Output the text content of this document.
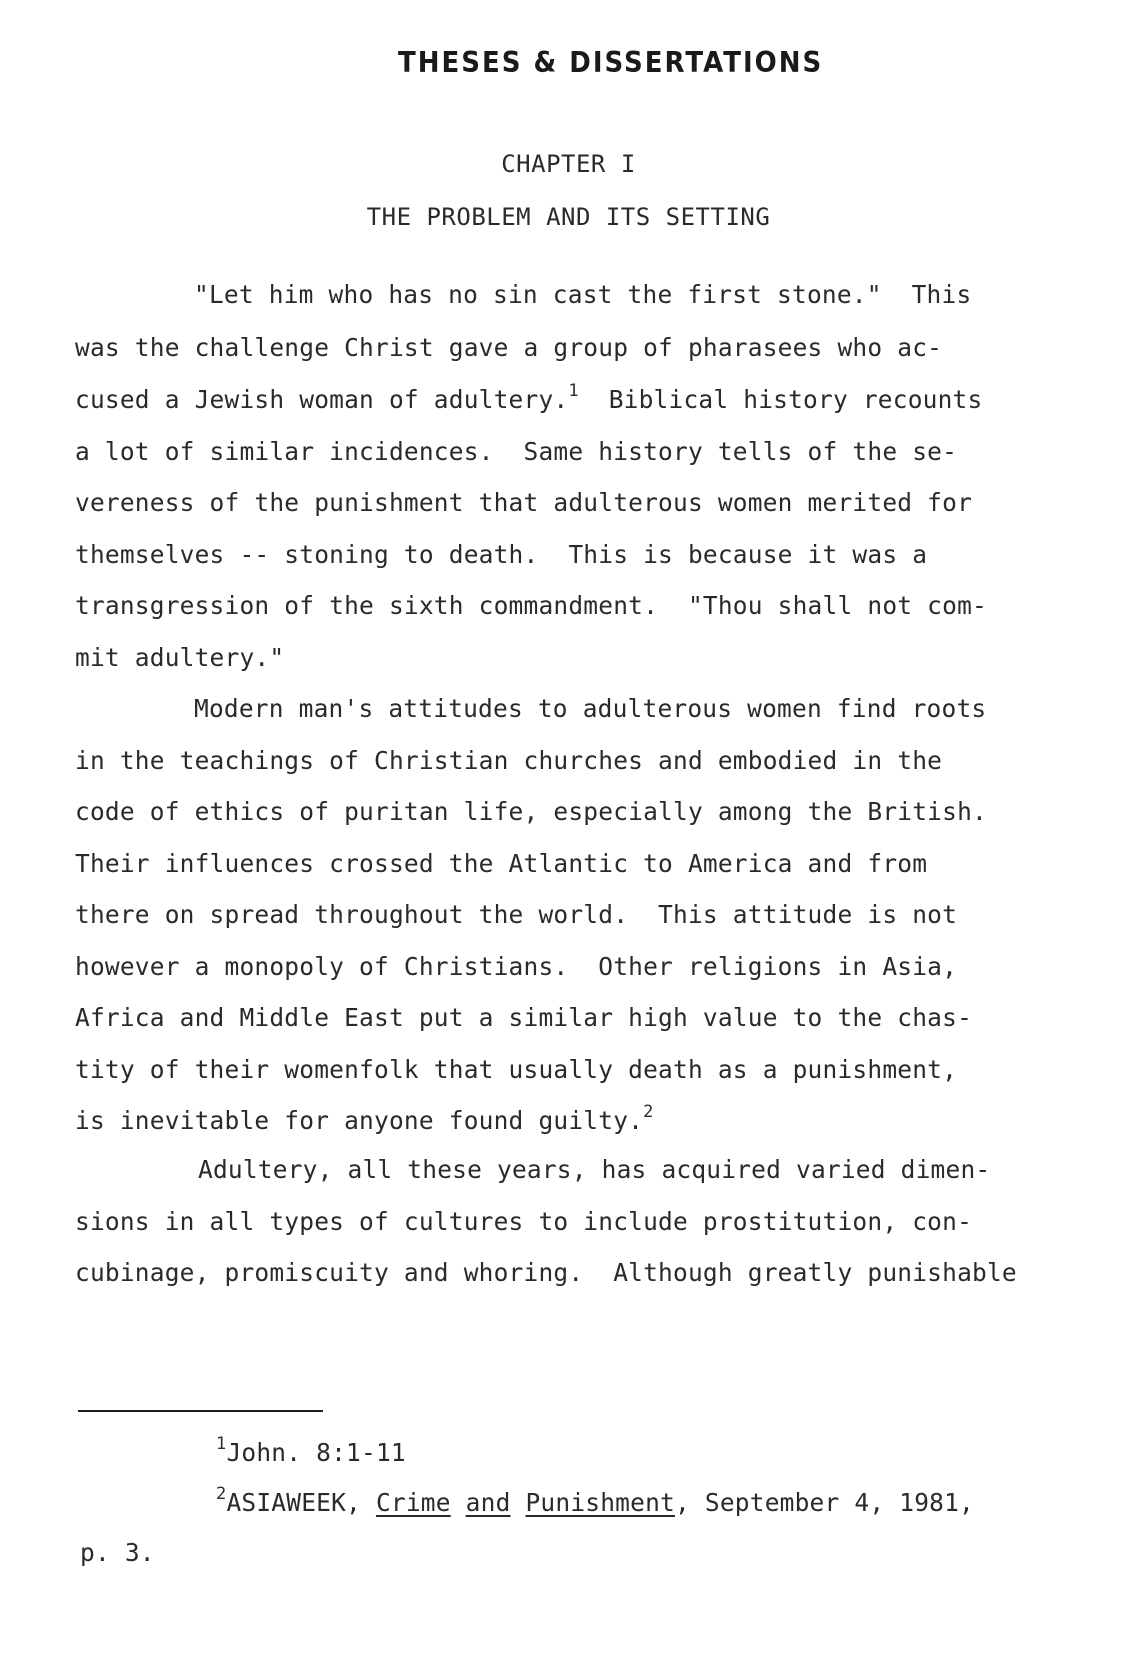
THESES & DISSERTATIONS
CHAPTER I
THE PROBLEM AND ITS SETTING
"Let him who has no sin cast the first stone."  This
was the challenge Christ gave a group of pharasees who ac-
cused a Jewish woman of adultery.$^1$  Biblical history recounts
a lot of similar incidences.  Same history tells of the se-
vereness of the punishment that adulterous women merited for
themselves -- stoning to death.  This is because it was a
transgression of the sixth commandment.  "Thou shall not com-
mit adultery."
Modern man's attitudes to adulterous women find roots
in the teachings of Christian churches and embodied in the
code of ethics of puritan life, especially among the British.
Their influences crossed the Atlantic to America and from
there on spread throughout the world.  This attitude is not
however a monopoly of Christians.  Other religions in Asia,
Africa and Middle East put a similar high value to the chas-
tity of their womenfolk that usually death as a punishment,
is inevitable for anyone found guilty.$^2$
Adultery, all these years, has acquired varied dimen-
sions in all types of cultures to include prostitution, con-
cubinage, promiscuity and whoring.  Although greatly punishable
$^1$John. 8:1-11
$^2$ASIAWEEK, Crime and Punishment, September 4, 1981,
p. 3.
